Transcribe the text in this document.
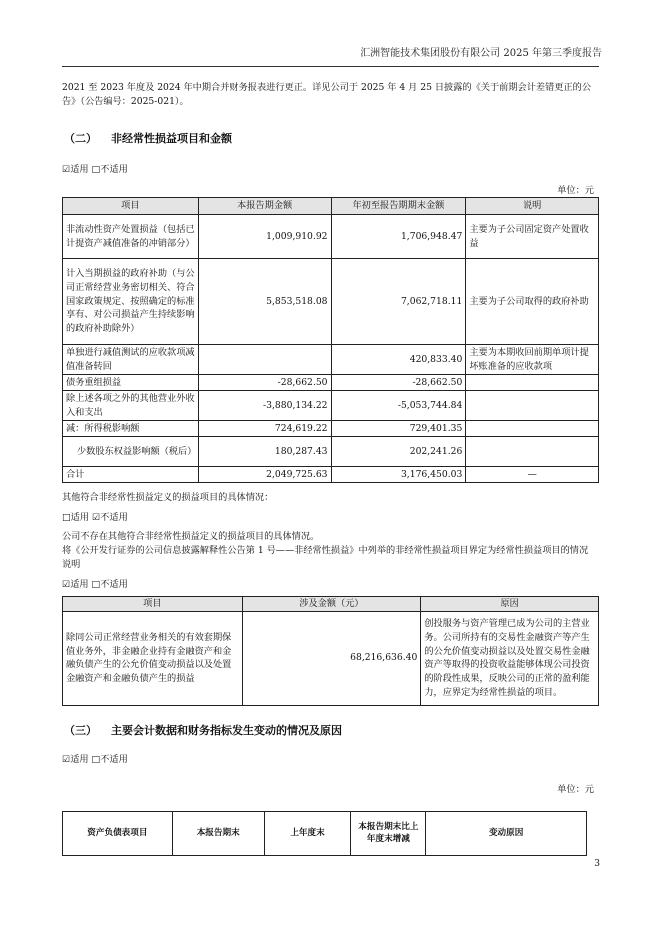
汇洲智能技术集团股份有限公司 2025 年第三季度报告
2021 至 2023 年度及 2024 年中期合并财务报表进行更正。详见公司于 2025 年 4 月 25 日披露的《关于前期会计差错更正的公告》（公告编号：2025-021）。
（二） 非经常性损益项目和金额
☑适用 □不适用
单位：元
项目	本报告期金额	年初至报告期期末金额	说明
非流动性资产处置损益（包括已计提资产减值准备的冲销部分）	1,009,910.92	1,706,948.47	主要为子公司固定资产处置收益
计入当期损益的政府补助（与公司正常经营业务密切相关、符合国家政策规定、按照确定的标准享有、对公司损益产生持续影响的政府补助除外）	5,853,518.08	7,062,718.11	主要为子公司取得的政府补助
单独进行减值测试的应收款项减值准备转回		420,833.40	主要为本期收回前期单项计提坏账准备的应收款项
债务重组损益	-28,662.50	-28,662.50	
除上述各项之外的其他营业外收入和支出	-3,880,134.22	-5,053,744.84	
减：所得税影响额	724,619.22	729,401.35	
少数股东权益影响额（税后）	180,287.43	202,241.26	
合计	2,049,725.63	3,176,450.03	—
其他符合非经常性损益定义的损益项目的具体情况：
□适用 ☑不适用
公司不存在其他符合非经常性损益定义的损益项目的具体情况。
将《公开发行证券的公司信息披露解释性公告第 1 号——非经常性损益》中列举的非经常性损益项目界定为经常性损益项目的情况说明
☑适用 □不适用
项目	涉及金额（元）	原因
除同公司正常经营业务相关的有效套期保值业务外，非金融企业持有金融资产和金融负债产生的公允价值变动损益以及处置金融资产和金融负债产生的损益	68,216,636.40	创投服务与资产管理已成为公司的主营业务。公司所持有的交易性金融资产等产生的公允价值变动损益以及处置交易性金融资产等取得的投资收益能够体现公司投资的阶段性成果，反映公司的正常的盈利能力，应界定为经常性损益的项目。
（三） 主要会计数据和财务指标发生变动的情况及原因
☑适用 □不适用
单位：元
资产负债表项目	本报告期末	上年度末	本报告期末比上年度末增减	变动原因
3
